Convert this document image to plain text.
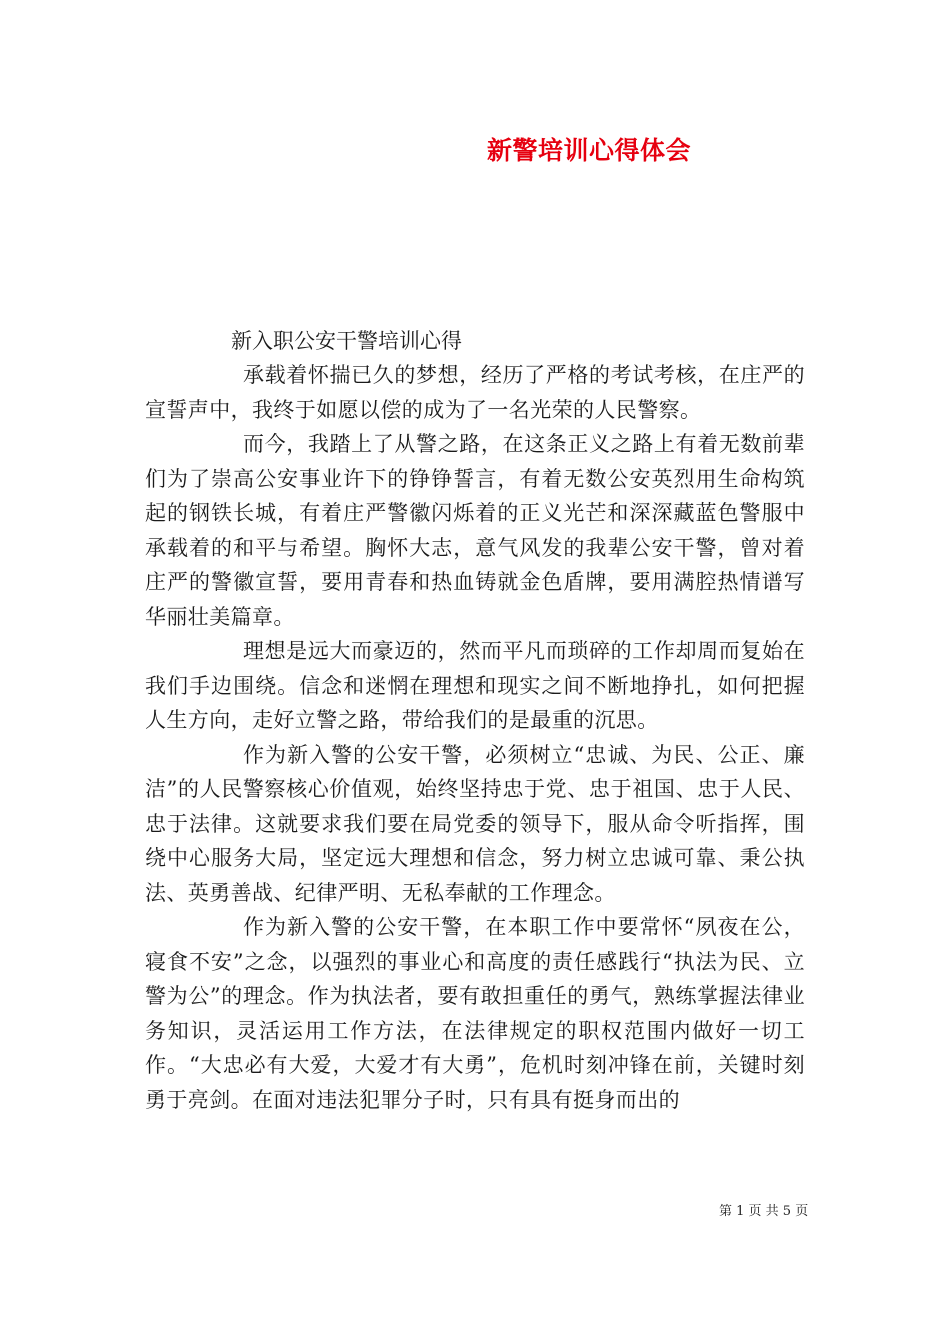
新警培训心得体会
新入职公安干警培训心得

承载着怀揣已久的梦想，经历了严格的考试考核，在庄严的宣誓声中，我终于如愿以偿的成为了一名光荣的人民警察。

而今，我踏上了从警之路，在这条正义之路上有着无数前辈们为了崇高公安事业许下的铮铮誓言，有着无数公安英烈用生命构筑起的钢铁长城，有着庄严警徽闪烁着的正义光芒和深深藏蓝色警服中承载着的和平与希望。胸怀大志，意气风发的我辈公安干警，曾对着庄严的警徽宣誓，要用青春和热血铸就金色盾牌，要用满腔热情谱写华丽壮美篇章。

理想是远大而豪迈的，然而平凡而琐碎的工作却周而复始在我们手边围绕。信念和迷惘在理想和现实之间不断地挣扎，如何把握人生方向，走好立警之路，带给我们的是最重的沉思。

作为新入警的公安干警，必须树立“忠诚、为民、公正、廉洁”的人民警察核心价值观，始终坚持忠于党、忠于祖国、忠于人民、忠于法律。这就要求我们要在局党委的领导下，服从命令听指挥，围绕中心服务大局，坚定远大理想和信念，努力树立忠诚可靠、秉公执法、英勇善战、纪律严明、无私奉献的工作理念。

作为新入警的公安干警，在本职工作中要常怀“夙夜在公，寝食不安”之念，以强烈的事业心和高度的责任感践行“执法为民、立警为公”的理念。作为执法者，要有敢担重任的勇气，熟练掌握法律业务知识，灵活运用工作方法，在法律规定的职权范围内做好一切工作。“大忠必有大爱，大爱才有大勇”，危机时刻冲锋在前，关键时刻勇于亮剑。在面对违法犯罪分子时，只有具有挺身而出的

第 1 页 共 5 页
